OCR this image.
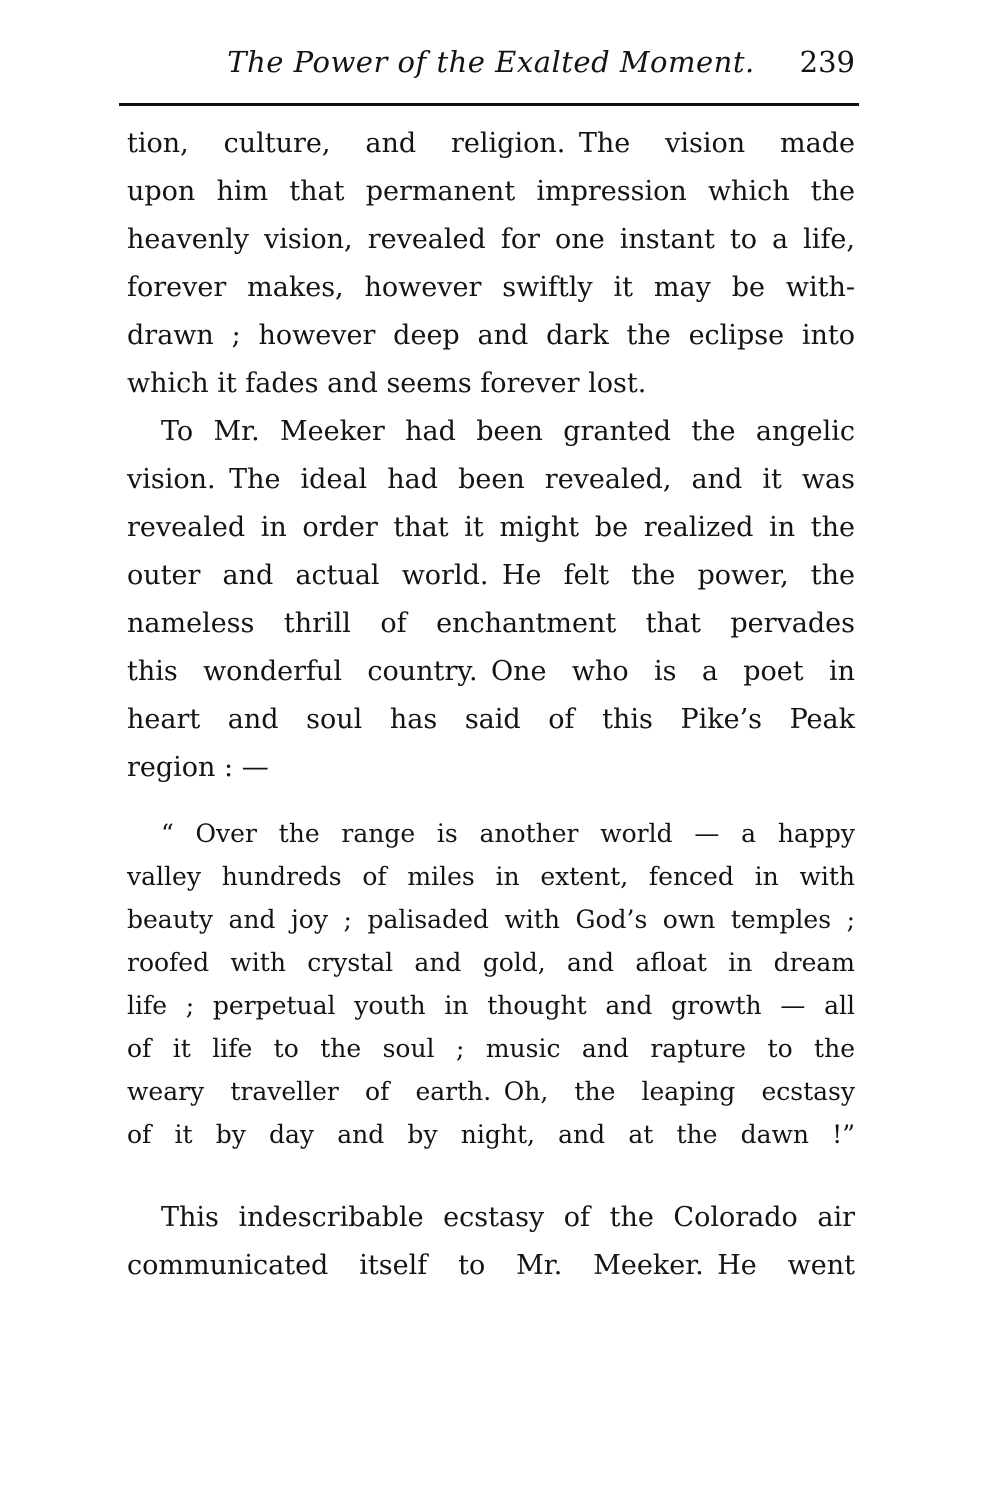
The Power of the Exalted Moment.	239
tion, culture, and religion. The vision made
upon him that permanent impression which the
heavenly vision, revealed for one instant to a life,
forever makes, however swiftly it may be with-
drawn ; however deep and dark the eclipse into
which it fades and seems forever lost.
To Mr. Meeker had been granted the angelic
vision. The ideal had been revealed, and it was
revealed in order that it might be realized in the
outer and actual world. He felt the power, the
nameless thrill of enchantment that pervades
this wonderful country. One who is a poet in
heart and soul has said of this Pike’s Peak
region : —
“ Over the range is another world — a happy
valley hundreds of miles in extent, fenced in with
beauty and joy ; palisaded with God’s own temples ;
roofed with crystal and gold, and afloat in dream
life ; perpetual youth in thought and growth — all
of it life to the soul ; music and rapture to the
weary traveller of earth. Oh, the leaping ecstasy
of it by day and by night, and at the dawn !”
This indescribable ecstasy of the Colorado air
communicated itself to Mr. Meeker. He went
